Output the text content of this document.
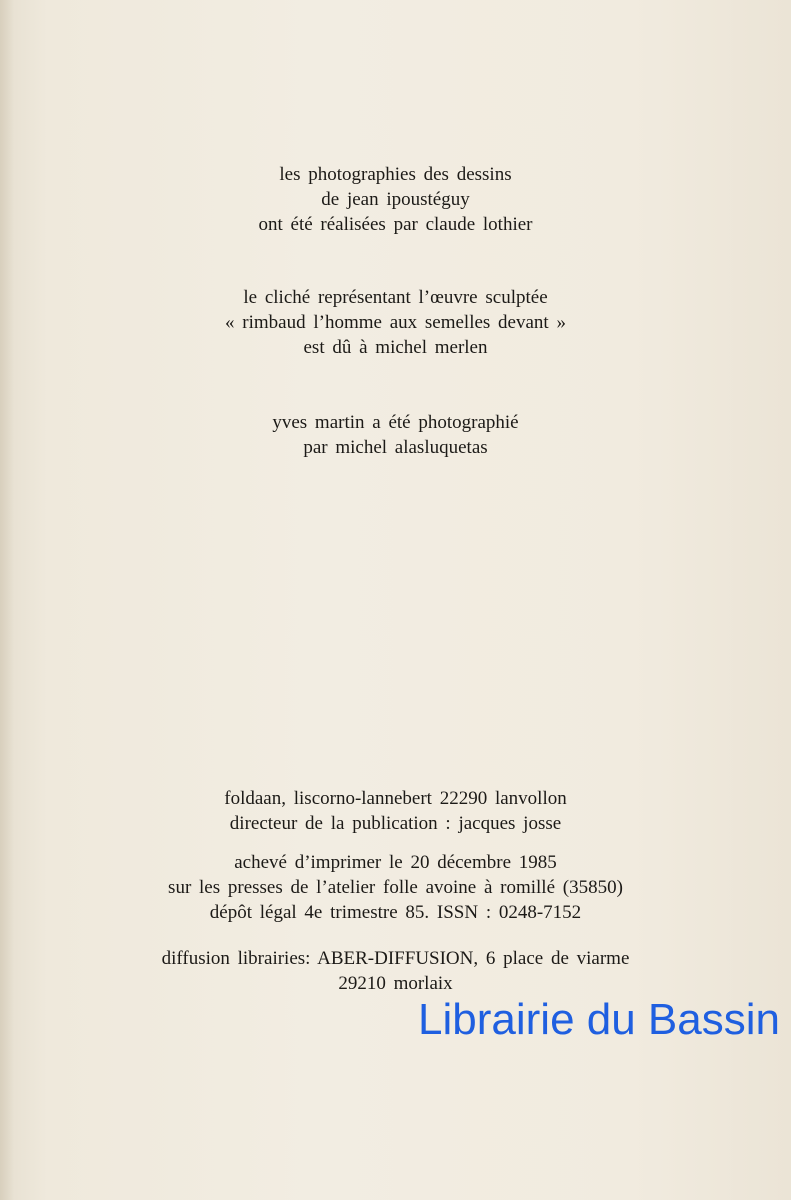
les photographies des dessins
de jean ipoustéguy
ont été réalisées par claude lothier
le cliché représentant l’œuvre sculptée
« rimbaud l’homme aux semelles devant »
est dû à michel merlen
yves martin a été photographié
par michel alasluquetas
foldaan, liscorno-lannebert 22290 lanvollon
directeur de la publication : jacques josse
achevé d’imprimer le 20 décembre 1985
sur les presses de l’atelier folle avoine à romillé (35850)
dépôt légal 4e trimestre 85. ISSN : 0248-7152
diffusion librairies: ABER-DIFFUSION, 6 place de viarme
29210 morlaix
Librairie du Bassin
